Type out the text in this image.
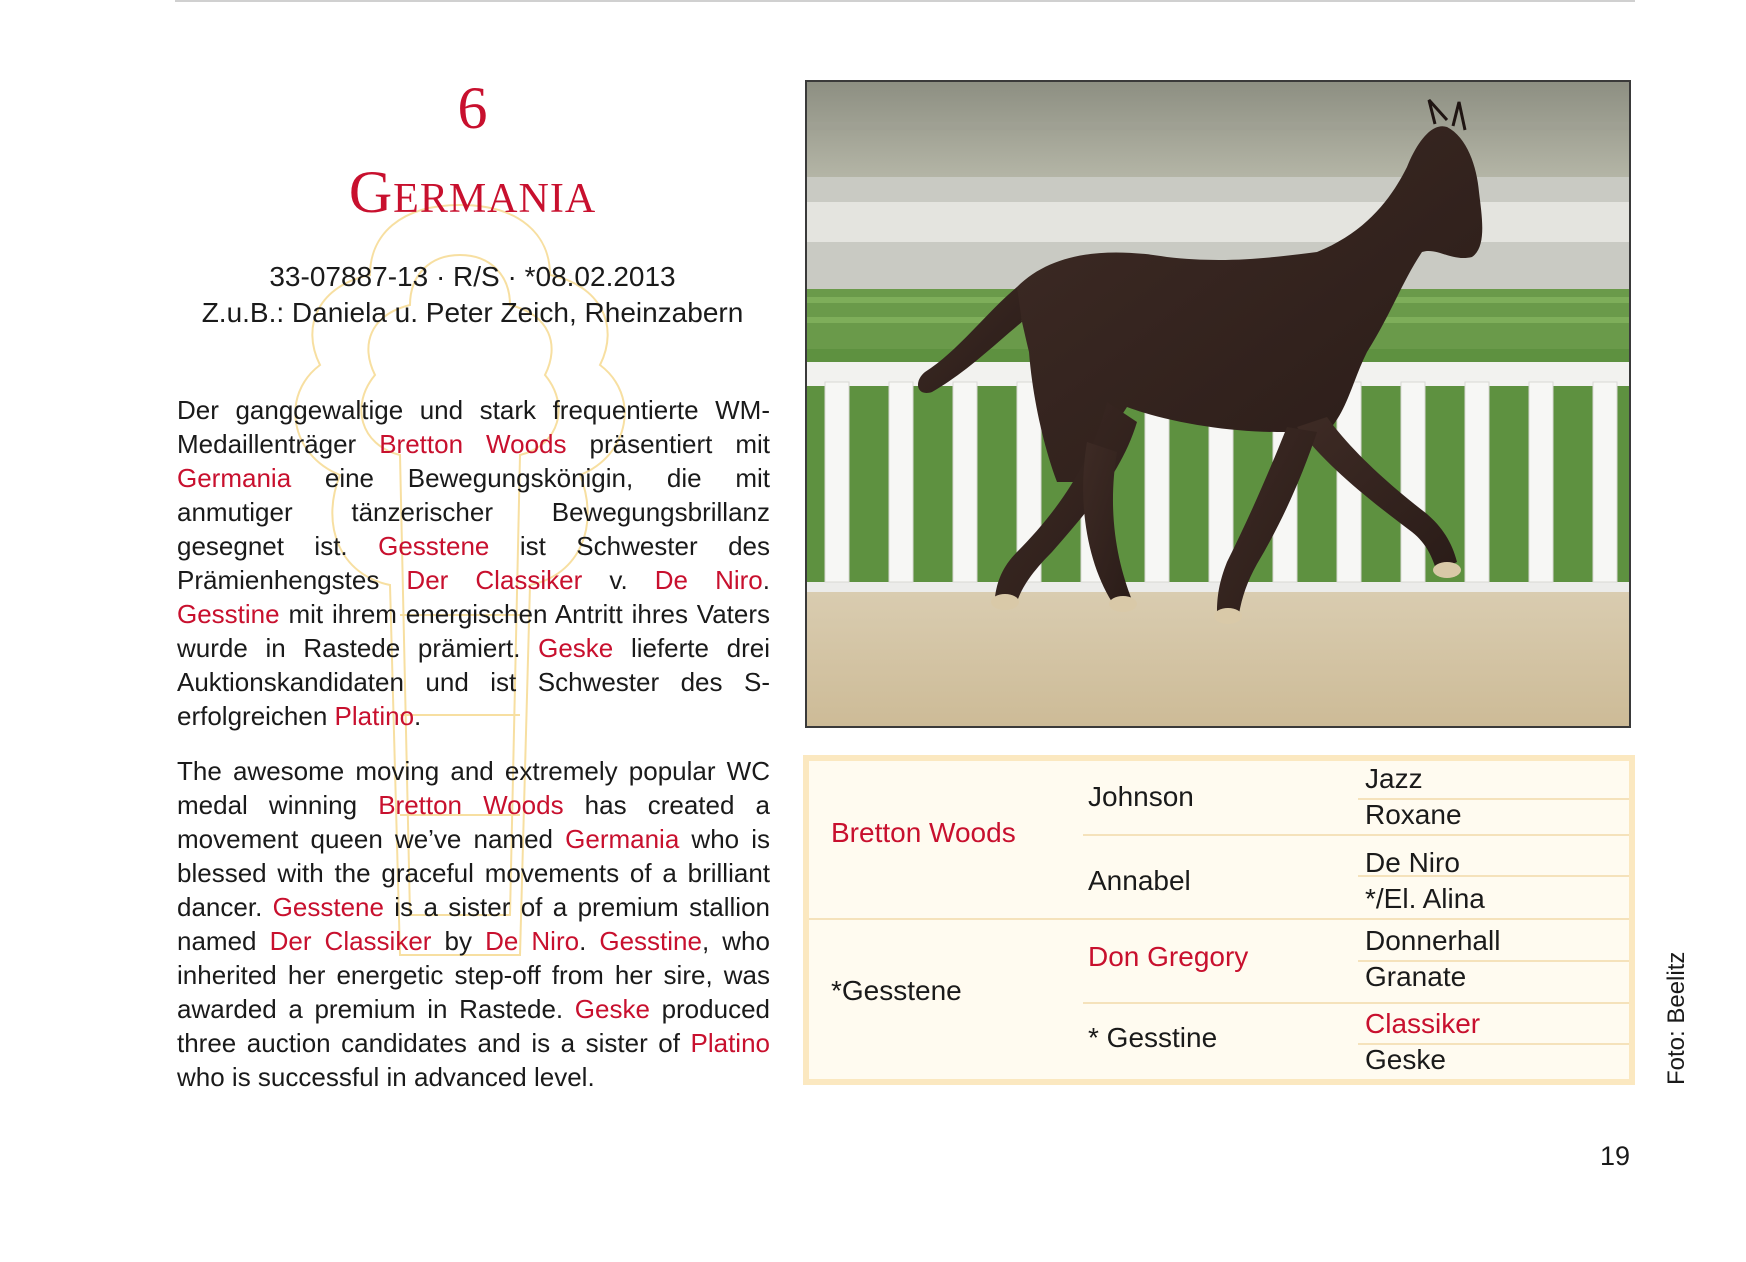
6
Germania
33-07887-13 · R/S · *08.02.2013
Z.u.B.: Daniela u. Peter Zeich, Rheinzabern
Der ganggewaltige und stark frequentierte WM-Medaillenträger Bretton Woods präsentiert mit Germania eine Bewegungskönigin, die mit anmutiger tänzerischer Bewegungsbrillanz gesegnet ist. Gesstene ist Schwester des Prämienhengstes Der Classiker v. De Niro. Gesstine mit ihrem energischen Antritt ihres Vaters wurde in Rastede prämiert. Geske lieferte drei Auktionskandidaten und ist Schwester des S-erfolgreichen Platino.
The awesome moving and extremely popular WC medal winning Bretton Woods has created a movement queen we’ve named Germania who is blessed with the graceful movements of a brilliant dancer. Gesstene is a sister of a premium stallion named Der Classiker by De Niro. Gesstine, who inherited her energetic step-off from her sire, was awarded a premium in Rastede. Geske produced three auction candidates and is a sister of Platino who is successful in advanced level.
Bretton Woods
*Gesstene
Johnson
Annabel
Don Gregory
* Gesstine
Jazz
Roxane
De Niro
*/El. Alina
Donnerhall
Granate
Classiker
Geske	Foto: Beelitz
19
